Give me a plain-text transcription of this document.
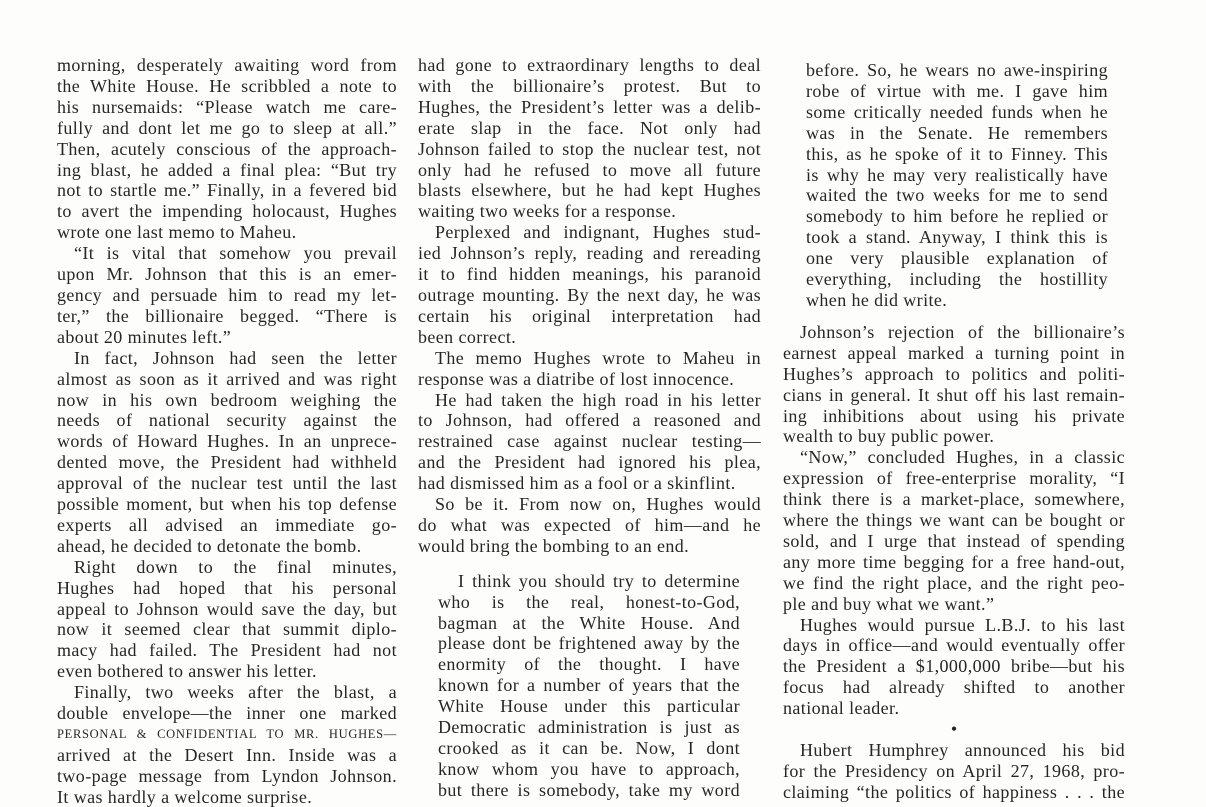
morning, desperately awaiting word from
the White House. He scribbled a note to
his nursemaids: “Please watch me care-
fully and dont let me go to sleep at all.”
Then, acutely conscious of the approach-
ing blast, he added a final plea: “But try
not to startle me.” Finally, in a fevered bid
to avert the impending holocaust, Hughes
wrote one last memo to Maheu.
“It is vital that somehow you prevail
upon Mr. Johnson that this is an emer-
gency and persuade him to read my let-
ter,” the billionaire begged. “There is
about 20 minutes left.”
In fact, Johnson had seen the letter
almost as soon as it arrived and was right
now in his own bedroom weighing the
needs of national security against the
words of Howard Hughes. In an unprece-
dented move, the President had withheld
approval of the nuclear test until the last
possible moment, but when his top defense
experts all advised an immediate go-
ahead, he decided to detonate the bomb.
Right down to the final minutes,
Hughes had hoped that his personal
appeal to Johnson would save the day, but
now it seemed clear that summit diplo-
macy had failed. The President had not
even bothered to answer his letter.
Finally, two weeks after the blast, a
double envelope—the inner one marked
PERSONAL & CONFIDENTIAL TO MR. HUGHES—
arrived at the Desert Inn. Inside was a
two-page message from Lyndon Johnson.
It was hardly a welcome surprise.
had gone to extraordinary lengths to deal
with the billionaire’s protest. But to
Hughes, the President’s letter was a delib-
erate slap in the face. Not only had
Johnson failed to stop the nuclear test, not
only had he refused to move all future
blasts elsewhere, but he had kept Hughes
waiting two weeks for a response.
Perplexed and indignant, Hughes stud-
ied Johnson’s reply, reading and rereading
it to find hidden meanings, his paranoid
outrage mounting. By the next day, he was
certain his original interpretation had
been correct.
The memo Hughes wrote to Maheu in
response was a diatribe of lost innocence.
He had taken the high road in his letter
to Johnson, had offered a reasoned and
restrained case against nuclear testing—
and the President had ignored his plea,
had dismissed him as a fool or a skinflint.
So be it. From now on, Hughes would
do what was expected of him—and he
would bring the bombing to an end.
I think you should try to determine
who is the real, honest-to-God,
bagman at the White House. And
please dont be frightened away by the
enormity of the thought. I have
known for a number of years that the
White House under this particular
Democratic administration is just as
crooked as it can be. Now, I dont
know whom you have to approach,
but there is somebody, take my word
before. So, he wears no awe-inspiring
robe of virtue with me. I gave him
some critically needed funds when he
was in the Senate. He remembers
this, as he spoke of it to Finney. This
is why he may very realistically have
waited the two weeks for me to send
somebody to him before he replied or
took a stand. Anyway, I think this is
one very plausible explanation of
everything, including the hostillity
when he did write.
Johnson’s rejection of the billionaire’s
earnest appeal marked a turning point in
Hughes’s approach to politics and politi-
cians in general. It shut off his last remain-
ing inhibitions about using his private
wealth to buy public power.
“Now,” concluded Hughes, in a classic
expression of free-enterprise morality, “I
think there is a market-place, somewhere,
where the things we want can be bought or
sold, and I urge that instead of spending
any more time begging for a free hand-out,
we find the right place, and the right peo-
ple and buy what we want.”
Hughes would pursue L.B.J. to his last
days in office—and would eventually offer
the President a $1,000,000 bribe—but his
focus had already shifted to another
national leader.
•
Hubert Humphrey announced his bid
for the Presidency on April 27, 1968, pro-
claiming “the politics of happiness . . . the
